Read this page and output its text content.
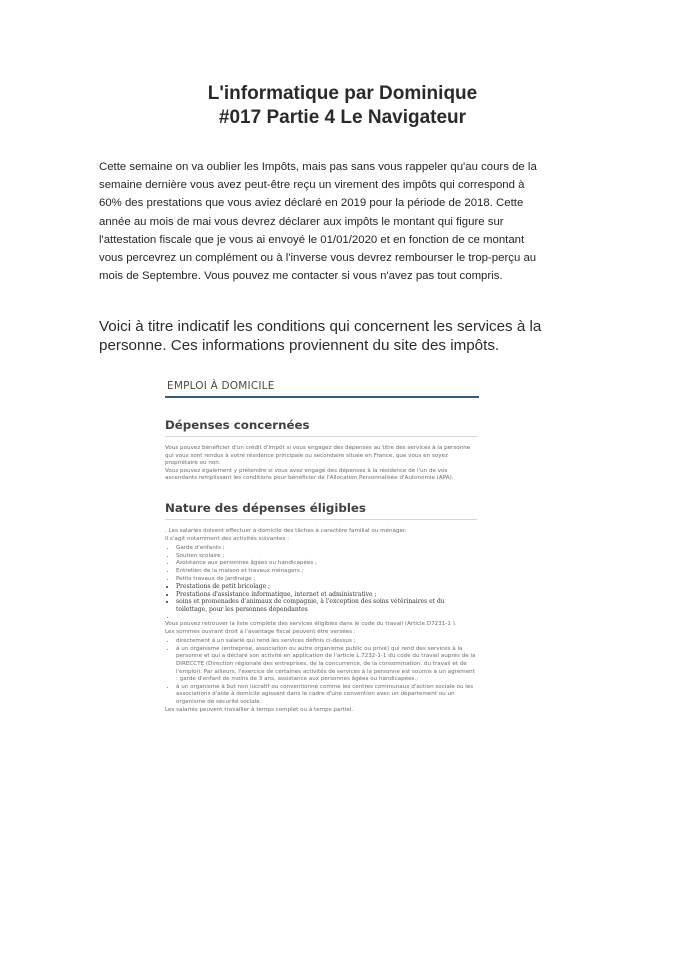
L'informatique par Dominique
#017 Partie 4 Le Navigateur
Cette semaine on va oublier les Impôts, mais pas sans vous rappeler qu'au cours de la
semaine dernière vous avez peut-être reçu un virement des impôts qui correspond à
60% des prestations que vous aviez déclaré en 2019 pour la période de 2018. Cette
année au mois de mai vous devrez déclarer aux impôts le montant qui figure sur
l'attestation fiscale que je vous ai envoyé le 01/01/2020 et en fonction de ce montant
vous percevrez un complément ou à l'inverse vous devrez rembourser le trop-perçu au
mois de Septembre. Vous pouvez me contacter si vous n'avez pas tout compris.
Voici à titre indicatif les conditions qui concernent les services à la
personne. Ces informations proviennent du site des impôts.
EMPLOI À DOMICILE
Dépenses concernées

Vous pouvez bénéficier d'un crédit d'impôt si vous engagez des dépenses au titre des services à la personne qui vous sont rendus à votre résidence principale ou secondaire située en France, que vous en soyez propriétaire ou non.

Vous pouvez également y prétendre si vous avez engagé des dépenses à la résidence de l'un de vos ascendants remplissant les conditions pour bénéficier de l'Allocation Personnalisée d'Autonomie (APA).

Nature des dépenses éligibles

. Les salariés doivent effectuer à domicile des tâches à caractère familial ou ménager.

Il s'agit notamment des activités suivantes :

• Garde d'enfants ;
• Soutien scolaire ;
• Assistance aux personnes âgées ou handicapées ;
• Entretien de la maison et travaux ménagers ;
• Petits travaux de jardinage ;
• Prestations de petit bricolage ;
• Prestations d'assistance informatique, internet et administrative ;
• soins et promenades d'animaux de compagnie, à l'exception des soins vétérinaires et du toilettage, pour les personnes dépendantes
•

Vous pouvez retrouver la liste complète des services éligibles dans le code du travail (Article D7231-1 ).

Les sommes ouvrant droit à l'avantage fiscal peuvent être versées :

• directement à un salarié qui rend les services définis ci-dessus ;
• à un organisme (entreprise, association ou autre organisme public ou privé) qui rend des services à la personne et qui a déclaré son activité en application de l'article L.7232-1-1 du code du travail auprès de la DIRECCTE (Direction régionale des entreprises, de la concurrence, de la consommation, du travail et de l'emploi). Par ailleurs, l'exercice de certaines activités de services à la personne est soumis à un agrément : garde d'enfant de moins de 3 ans, assistance aux personnes âgées ou handicapées.;
• à un organisme à but non lucratif ou conventionné comme les centres communaux d'action sociale ou les associations d'aide à domicile agissant dans le cadre d'une convention avec un département ou un organisme de sécurité sociale.

Les salariés peuvent travailler à temps complet ou à temps partiel.
